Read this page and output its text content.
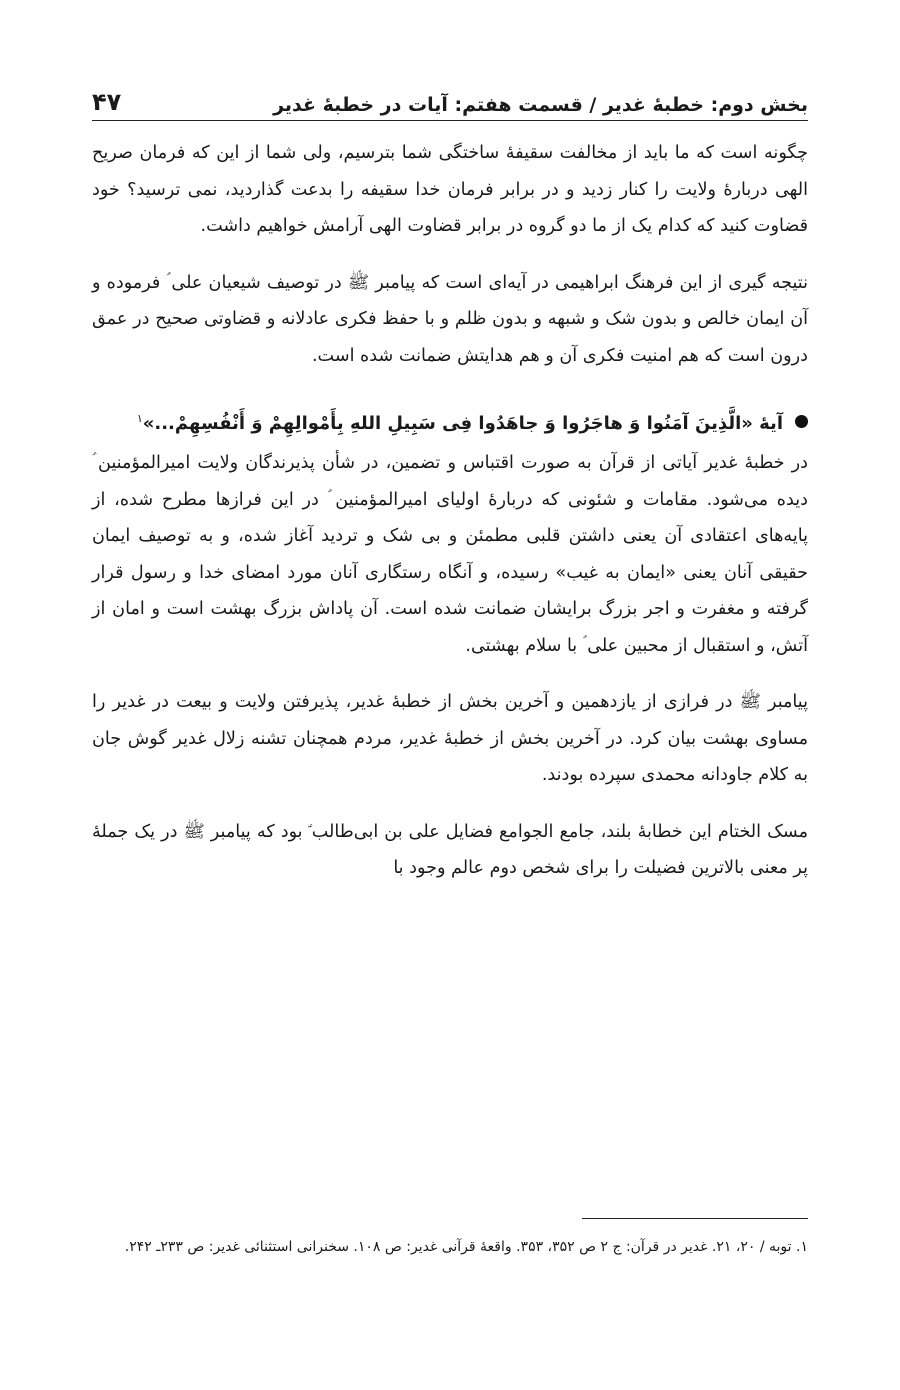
بخش دوم: خطبهٔ غدیر / قسمت هفتم: آیات در خطبهٔ غدیر
۴۷

چگونه است که ما باید از مخالفت سقیفهٔ ساختگی شما بترسیم، ولی شما از این که فرمان صریح الهی دربارهٔ ولایت را کنار زدید و در برابر فرمان خدا سقیفه را بدعت گذاردید، نمی ترسید؟ خود قضاوت کنید که کدام یک از ما دو گروه در برابر قضاوت الهی آرامش خواهیم داشت.

نتیجه گیری از این فرهنگ ابراهیمی در آیه‌ای است که پیامبر ﷺ در توصیف شیعیان علی ؑ فرموده و آن ایمان خالص و بدون شک و شبهه و بدون ظلم و با حفظ فکری عادلانه و قضاوتی صحیح در عمق درون است که هم امنیت فکری آن و هم هدایتش ضمانت شده است.

آیهٔ «الَّذِینَ آمَنُوا وَ هاجَرُوا وَ جاهَدُوا فِی سَبِیلِ اللهِ بِأَمْوالِهِمْ وَ أَنْفُسِهِمْ...»$^۱$

در خطبهٔ غدیر آیاتی از قرآن به صورت اقتباس و تضمین، در شأن پذیرندگان ولایت امیرالمؤمنین ؑ دیده می‌شود. مقامات و شئونی که دربارهٔ اولیای امیرالمؤمنین ؑ در این فرازها مطرح شده، از پایه‌های اعتقادی آن یعنی داشتن قلبی مطمئن و بی شک و تردید آغاز شده، و به توصیف ایمان حقیقی آنان یعنی «ایمان به غیب» رسیده، و آنگاه رستگاری آنان مورد امضای خدا و رسول قرار گرفته و مغفرت و اجر بزرگ برایشان ضمانت شده است. آن پاداش بزرگ بهشت است و امان از آتش، و استقبال از محبین علی ؑ با سلام بهشتی.

پیامبر ﷺ در فرازی از یازدهمین و آخرین بخش از خطبهٔ غدیر، پذیرفتن ولایت و بیعت در غدیر را مساوی بهشت بیان کرد. در آخرین بخش از خطبهٔ غدیر، مردم همچنان تشنه زلال غدیر گوش جان به کلام جاودانه محمدی سپرده بودند.

مسک الختام این خطابهٔ بلند، جامع الجوامع فضایل علی بن ابی‌طالب ؑ بود که پیامبر ﷺ در یک جملهٔ پر معنی بالاترین فضیلت را برای شخص دوم عالم وجود با

۱. توبه / ۲۰، ۲۱. غدیر در قرآن: ج ۲ ص ۳۵۲، ۳۵۳. واقعهٔ قرآنی غدیر: ص ۱۰۸. سخنرانی استثنائی غدیر: ص ۲۳۳ـ ۲۴۲.
